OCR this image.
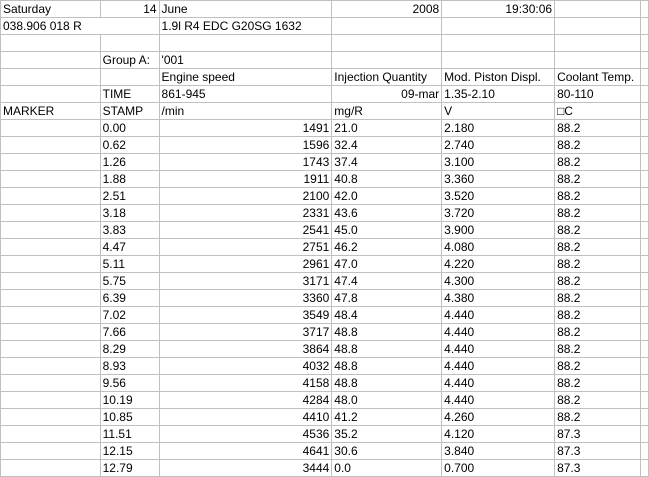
Saturday	14	June	2008	19:30:06		
038.906 018 R		1.9l R4 EDC G20SG 1632				

	Group A:	'001				
		Engine speed	Injection Quantity	Mod. Piston Displ.	Coolant Temp.	
	TIME	861-945	09-mar	1.35-2.10	80-110	
MARKER	STAMP	/min	mg/R	V	□C	
	0.00	1491	21.0	2.180	88.2	
	0.62	1596	32.4	2.740	88.2	
	1.26	1743	37.4	3.100	88.2	
	1.88	1911	40.8	3.360	88.2	
	2.51	2100	42.0	3.520	88.2	
	3.18	2331	43.6	3.720	88.2	
	3.83	2541	45.0	3.900	88.2	
	4.47	2751	46.2	4.080	88.2	
	5.11	2961	47.0	4.220	88.2	
	5.75	3171	47.4	4.300	88.2	
	6.39	3360	47.8	4.380	88.2	
	7.02	3549	48.4	4.440	88.2	
	7.66	3717	48.8	4.440	88.2	
	8.29	3864	48.8	4.440	88.2	
	8.93	4032	48.8	4.440	88.2	
	9.56	4158	48.8	4.440	88.2	
	10.19	4284	48.0	4.440	88.2	
	10.85	4410	41.2	4.260	88.2	
	11.51	4536	35.2	4.120	87.3	
	12.15	4641	30.6	3.840	87.3	
	12.79	3444	0.0	0.700	87.3	
